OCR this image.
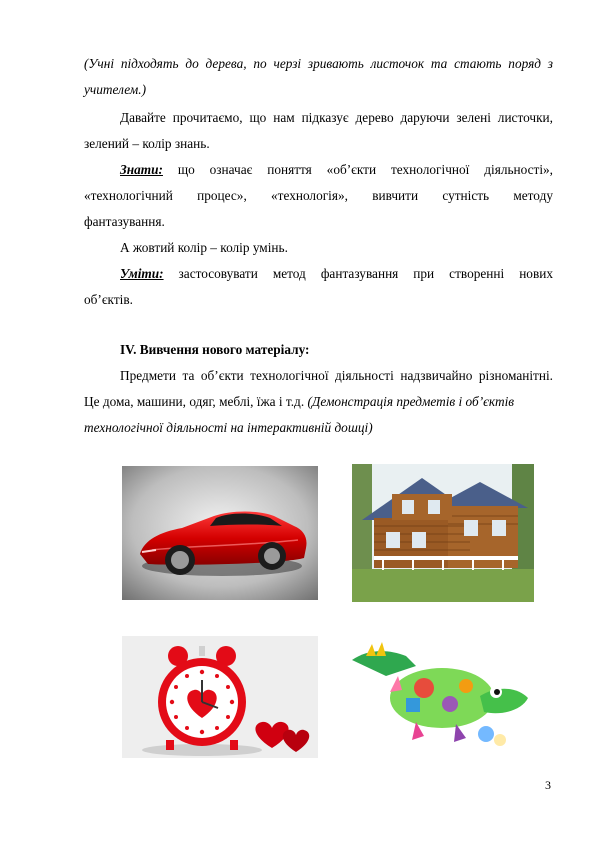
(Учні підходять до дерева, по черзі зривають листочок та стають поряд з
учителем.)
Давайте прочитаємо, що нам підказує дерево даруючи зелені листочки,
зелений – колір знань.
Знати: що означає поняття «об’єкти технологічної діяльності»,
«технологічний процес», «технологія», вивчити сутність методу
фантазування.
А жовтий колір – колір умінь.
Уміти: застосовувати метод фантазування при створенні нових
об’єктів.
IV. Вивчення нового матеріалу:
Предмети та об’єкти технологічної діяльності надзвичайно різноманітні.
Це дома, машини, одяг, меблі, їжа і т.д. (Демонстрація предметів і об’єктів
технологічної діяльності на інтерактивній дошці)
3
